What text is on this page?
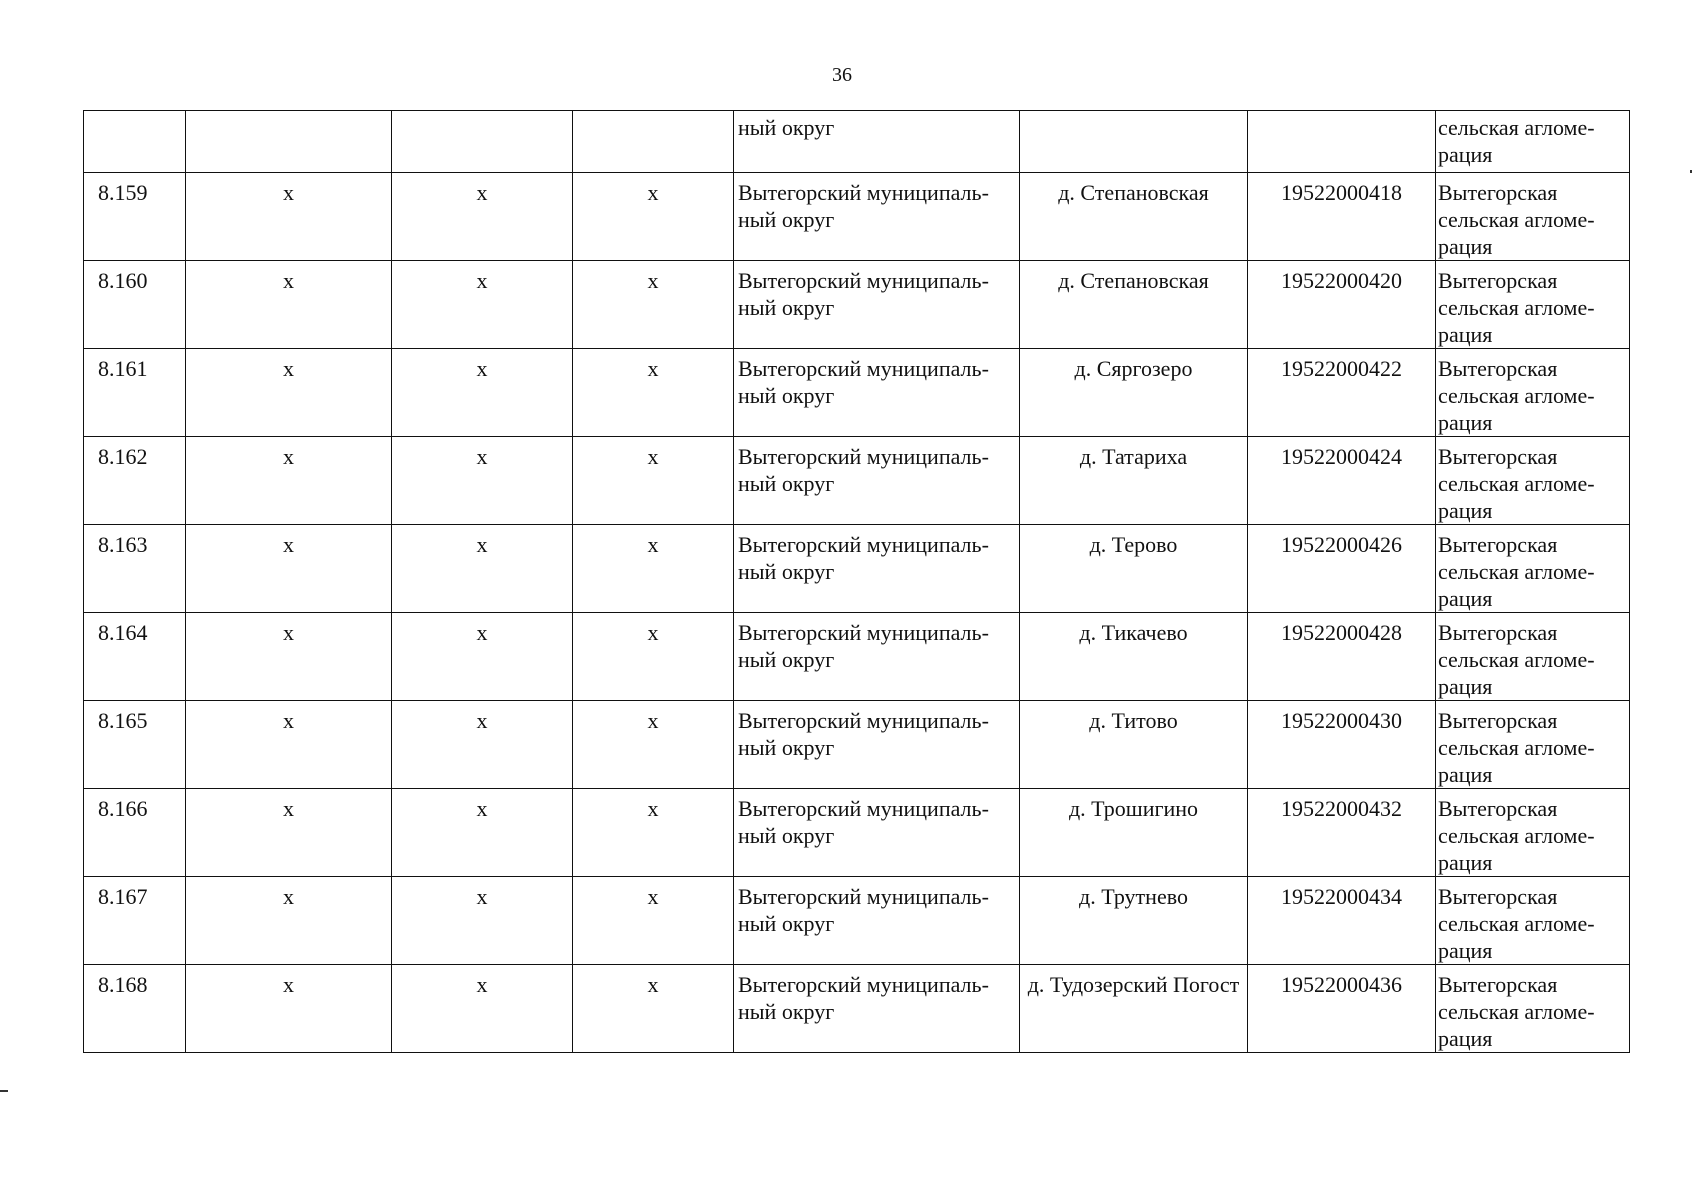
36
				ный округ			сельская агломе-рация
8.159	x	x	x	Вытегорский муниципаль-ный округ	д. Степановская	19522000418	Вытегорская сельская агломе-рация
8.160	x	x	x	Вытегорский муниципаль-ный округ	д. Степановская	19522000420	Вытегорская сельская агломе-рация
8.161	x	x	x	Вытегорский муниципаль-ный округ	д. Сяргозеро	19522000422	Вытегорская сельская агломе-рация
8.162	x	x	x	Вытегорский муниципаль-ный округ	д. Татариха	19522000424	Вытегорская сельская агломе-рация
8.163	x	x	x	Вытегорский муниципаль-ный округ	д. Терово	19522000426	Вытегорская сельская агломе-рация
8.164	x	x	x	Вытегорский муниципаль-ный округ	д. Тикачево	19522000428	Вытегорская сельская агломе-рация
8.165	x	x	x	Вытегорский муниципаль-ный округ	д. Титово	19522000430	Вытегорская сельская агломе-рация
8.166	x	x	x	Вытегорский муниципаль-ный округ	д. Трошигино	19522000432	Вытегорская сельская агломе-рация
8.167	x	x	x	Вытегорский муниципаль-ный округ	д. Трутнево	19522000434	Вытегорская сельская агломе-рация
8.168	x	x	x	Вытегорский муниципаль-ный округ	д. Тудозерский Погост	19522000436	Вытегорская сельская агломе-рация
